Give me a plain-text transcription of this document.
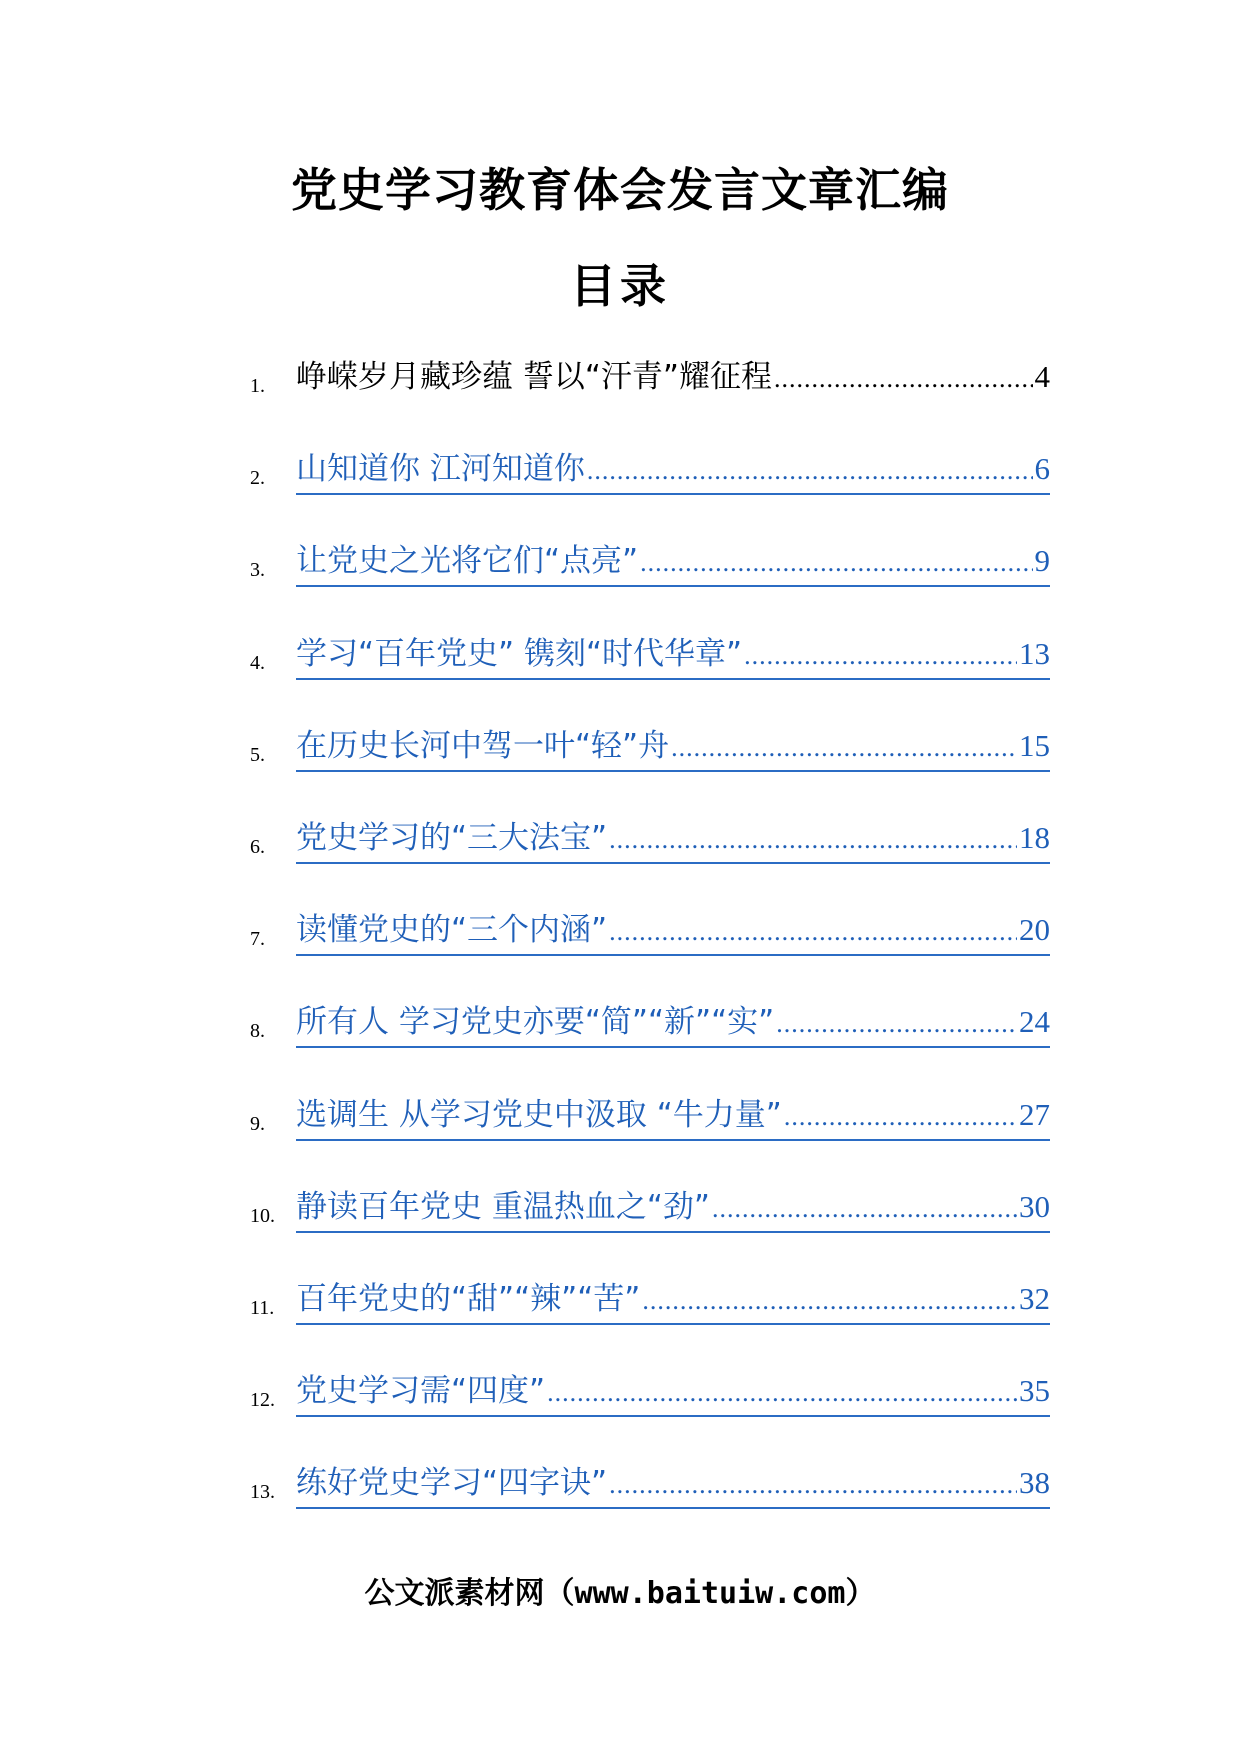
党史学习教育体会发言文章汇编
目录
1.	峥嵘岁月藏珍蕴 誓以“汗青”耀征程 .....	4
2.	山知道你 江河知道你 .....	6
3.	让党史之光将它们“点亮” .....	9
4.	学习“百年党史” 镌刻“时代华章” .....	13
5.	在历史长河中驾一叶“轻”舟 .....	15
6.	党史学习的“三大法宝” .....	18
7.	读懂党史的“三个内涵” .....	20
8.	所有人 学习党史亦要“简”“新”“实” .....	24
9.	选调生 从学习党史中汲取 “牛力量” .....	27
10. 静读百年党史 重温热血之“劲” .....	30
11. 百年党史的“甜”“辣”“苦” .....	32
12. 党史学习需“四度” .....	35
13. 练好党史学习“四字诀” .....	38

公文派素材网（www.baituiw.com）
